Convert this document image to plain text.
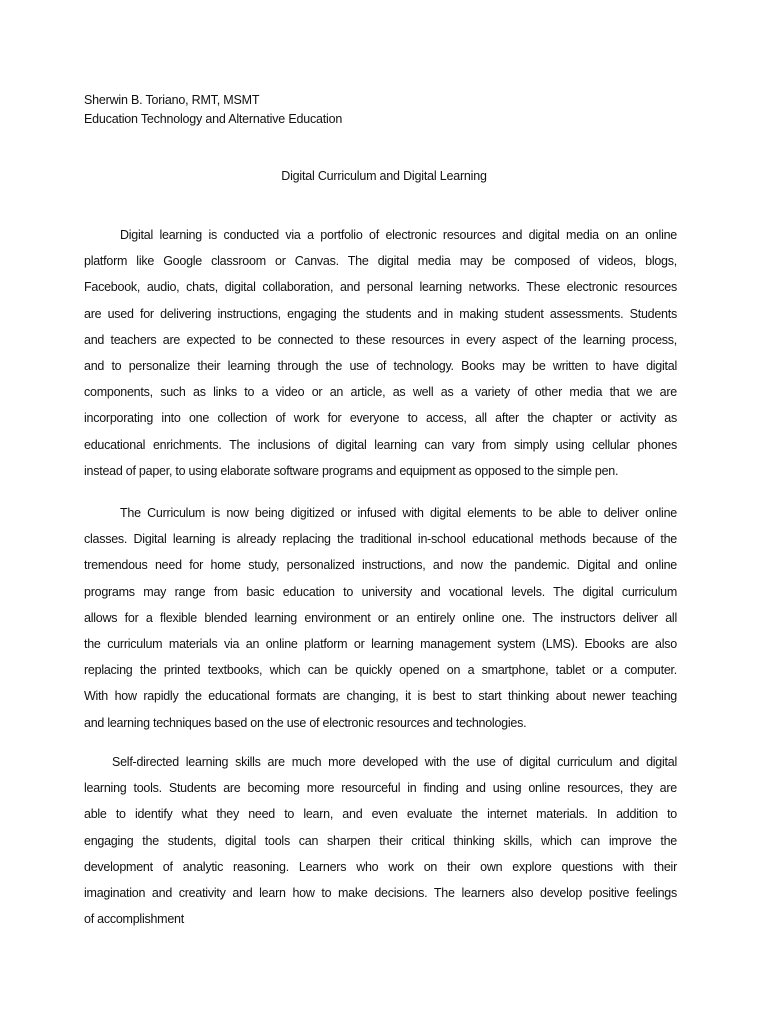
Sherwin B. Toriano, RMT, MSMT
Education Technology and Alternative Education
Digital Curriculum and Digital Learning
Digital learning is conducted via a portfolio of electronic resources and digital media on an online
platform like Google classroom or Canvas. The digital media may be composed of videos, blogs,
Facebook, audio, chats, digital collaboration, and personal learning networks. These electronic resources
are used for delivering instructions, engaging the students and in making student assessments. Students
and teachers are expected to be connected to these resources in every aspect of the learning process,
and to personalize their learning through the use of technology. Books may be written to have digital
components, such as links to a video or an article, as well as a variety of other media that we are
incorporating into one collection of work for everyone to access, all after the chapter or activity as
educational enrichments. The inclusions of digital learning can vary from simply using cellular phones
instead of paper, to using elaborate software programs and equipment as opposed to the simple pen.
The Curriculum is now being digitized or infused with digital elements to be able to deliver online
classes. Digital learning is already replacing the traditional in-school educational methods because of the
tremendous need for home study, personalized instructions, and now the pandemic. Digital and online
programs may range from basic education to university and vocational levels. The digital curriculum
allows for a flexible blended learning environment or an entirely online one. The instructors deliver all
the curriculum materials via an online platform or learning management system (LMS). Ebooks are also
replacing the printed textbooks, which can be quickly opened on a smartphone, tablet or a computer.
With how rapidly the educational formats are changing, it is best to start thinking about newer teaching
and learning techniques based on the use of electronic resources and technologies.
Self-directed learning skills are much more developed with the use of digital curriculum and digital
learning tools. Students are becoming more resourceful in finding and using online resources, they are
able to identify what they need to learn, and even evaluate the internet materials. In addition to
engaging the students, digital tools can sharpen their critical thinking skills, which can improve the
development of analytic reasoning. Learners who work on their own explore questions with their
imagination and creativity and learn how to make decisions. The learners also develop positive feelings
of accomplishment
